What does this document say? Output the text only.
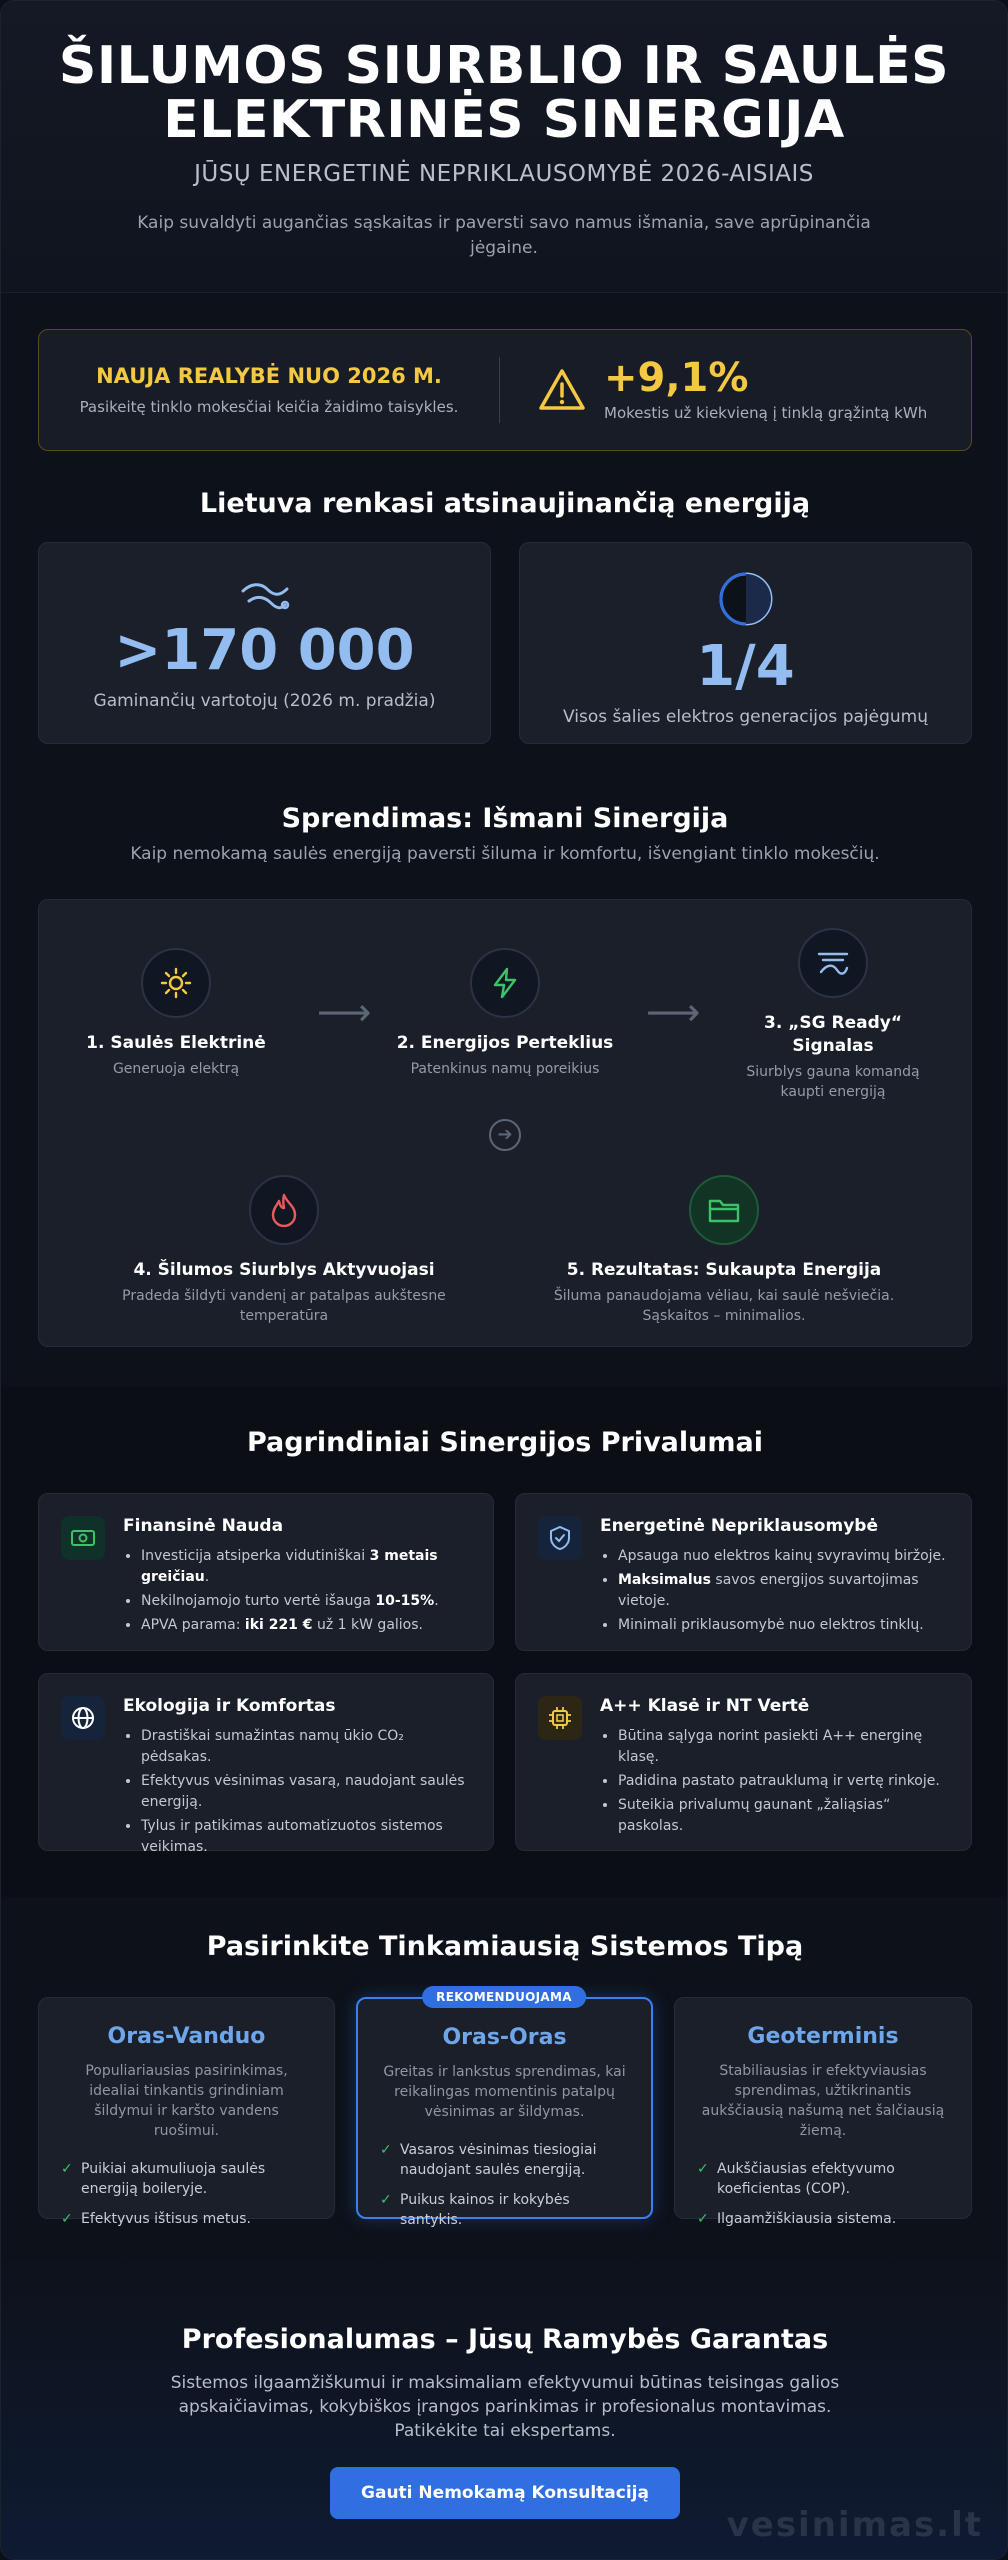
ŠILUMOS SIURBLIO IR SAULĖS
ELEKTRINĖS SINERGIJA
JŪSŲ ENERGETINĖ NEPRIKLAUSOMYBĖ 2026-AISIAIS
Kaip suvaldyti augančias sąskaitas ir paversti savo namus išmania, save aprūpinančia jėgaine.
NAUJA REALYBĖ NUO 2026 M.
Pasikeitę tinklo mokesčiai keičia žaidimo taisykles.
+9,1%
Mokestis už kiekvieną į tinklą grąžintą kWh
Lietuva renkasi atsinaujinančią energiją
>170 000
Gaminančių vartotojų (2026 m. pradžia)
1/4
Visos šalies elektros generacijos pajėgumų
Sprendimas: Išmani Sinergija
Kaip nemokamą saulės energiją paversti šiluma ir komfortu, išvengiant tinklo mokesčių.
1. Saulės Elektrinė
Generuoja elektrą
⟶
2. Energijos Perteklius
Patenkinus namų poreikius
⟶	3. „SG Ready“ Signalas
Siurblys gauna komandą kaupti energiją
➔
4. Šilumos Siurblys Aktyvuojasi
Pradeda šildyti vandenį ar patalpas aukštesne temperatūra
5. Rezultatas: Sukaupta Energija
Šiluma panaudojama vėliau, kai saulė nešviečia. Sąskaitos – minimalios.
Pagrindiniai Sinergijos Privalumai
Finansinė Nauda
• Investicija atsiperka vidutiniškai 3 metais greičiau.
• Nekilnojamojo turto vertė išauga 10-15%.
• APVA parama: iki 221 € už 1 kW galios.
Energetinė Nepriklausomybė
• Apsauga nuo elektros kainų svyravimų biržoje.
• Maksimalus savos energijos suvartojimas vietoje.
• Minimali priklausomybė nuo elektros tinklų.
Ekologija ir Komfortas
• Drastiškai sumažintas namų ūkio CO₂ pėdsakas.
• Efektyvus vėsinimas vasarą, naudojant saulės energiją.
• Tylus ir patikimas automatizuotos sistemos veikimas.
A++ Klasė ir NT Vertė
• Būtina sąlyga norint pasiekti A++ energinę klasę.
• Padidina pastato patrauklumą ir vertę rinkoje.
• Suteikia privalumų gaunant „žaliąsias“ paskolas.
Pasirinkite Tinkamiausią Sistemos Tipą
Oras-Vanduo
Populiariausias pasirinkimas, idealiai tinkantis grindiniam šildymui ir karšto vandens ruošimui.
✓ Puikiai akumuliuoja saulės energiją boileryje.
✓ Efektyvus ištisus metus.
Oras-Oras
Greitas ir lankstus sprendimas, kai reikalingas momentinis patalpų vėsinimas ar šildymas.
✓ Vasaros vėsinimas tiesiogiai naudojant saulės energiją.
✓ Puikus kainos ir kokybės santykis.
REKOMENDUOJAMA
Geoterminis
Stabiliausias ir efektyviausias sprendimas, užtikrinantis aukščiausią našumą net šalčiausią žiemą.
✓ Aukščiausias efektyvumo koeficientas (COP).
✓ Ilgaamžiškiausia sistema.
Profesionalumas – Jūsų Ramybės Garantas
Sistemos ilgaamžiškumui ir maksimaliam efektyvumui būtinas teisingas galios
apskaičiavimas, kokybiškos įrangos parinkimas ir profesionalus montavimas.
Patikėkite tai ekspertams.
Gauti Nemokamą Konsultaciją
vesinimas.lt
